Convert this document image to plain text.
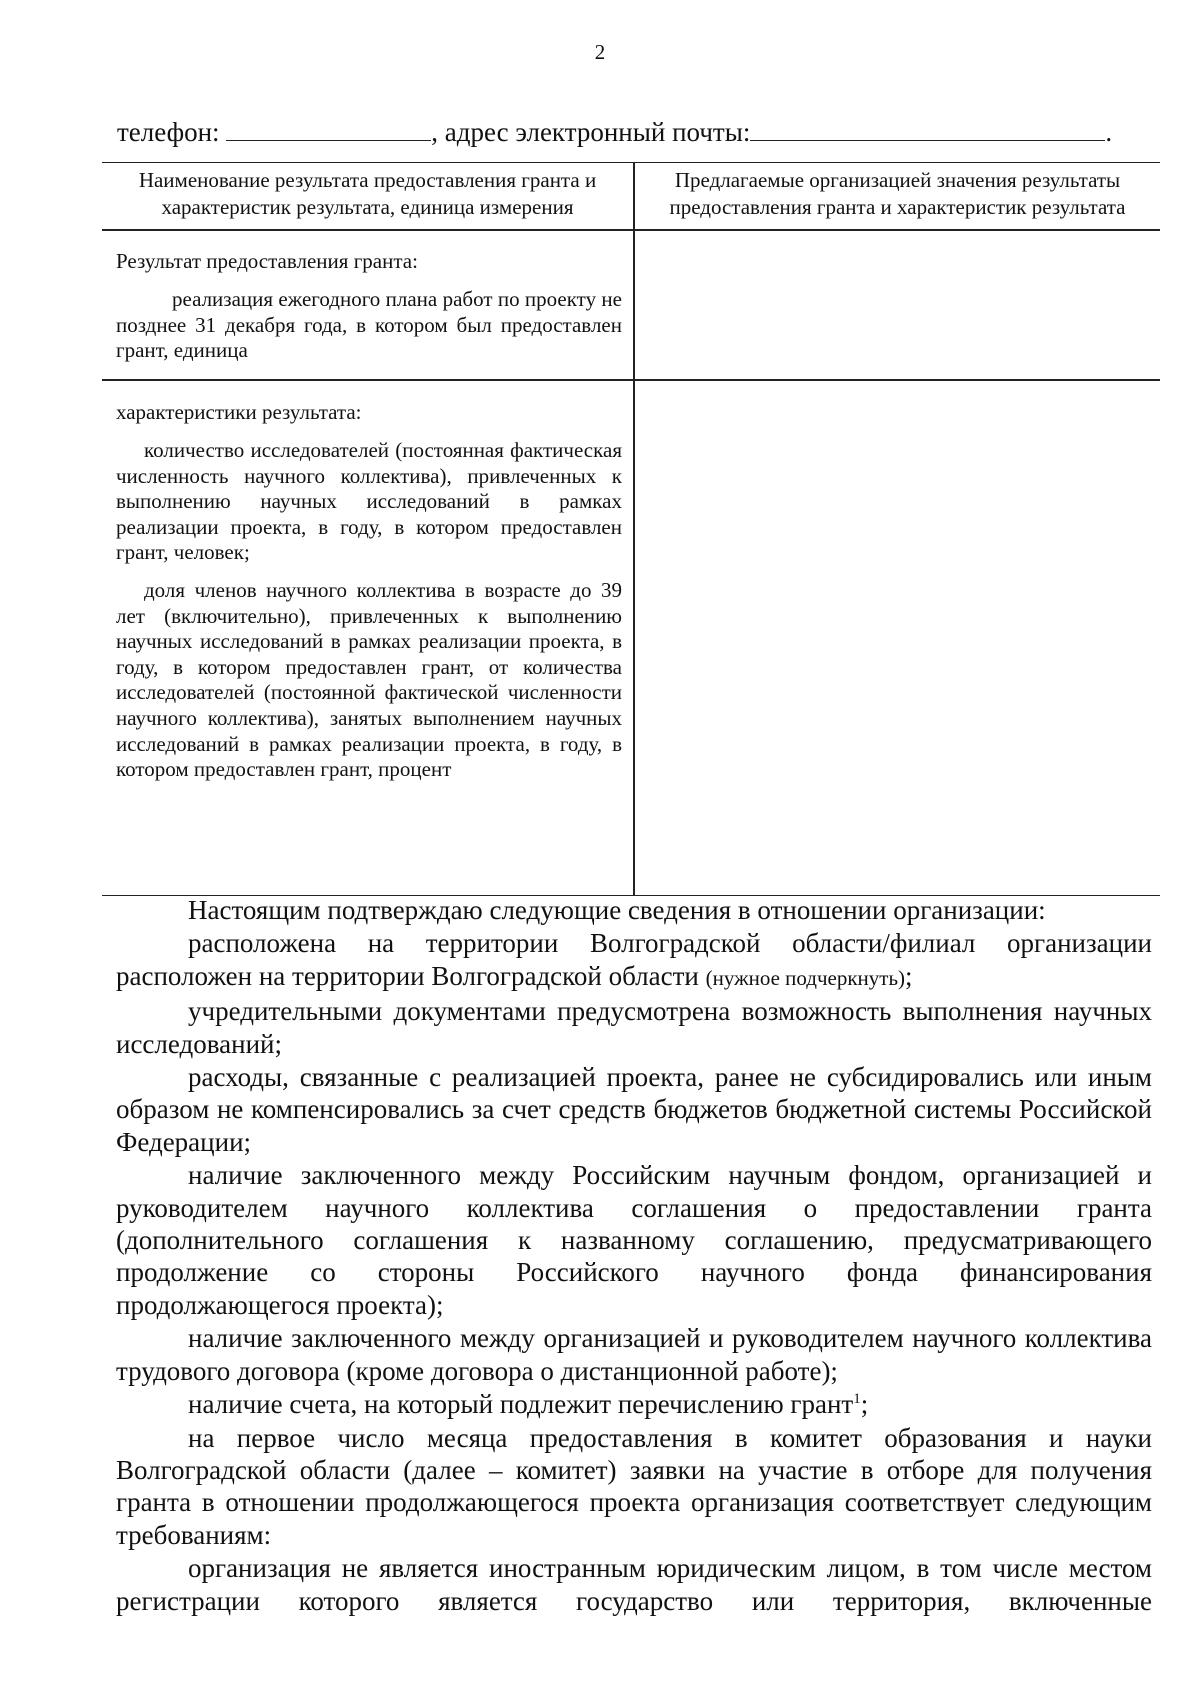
2
телефон:	, адрес электронный почты:	.
Наименование результата предоставления гранта и характеристик результата, единица измерения
Предлагаемые организацией значения результаты предоставления гранта и характеристик результата
Результат предоставления гранта:
реализация ежегодного плана работ по проекту не позднее 31 декабря года, в котором был предоставлен грант, единица
характеристики результата:
количество исследователей (постоянная фактическая численность научного коллектива), привлеченных к выполнению научных исследований в рамках реализации проекта, в году, в котором предоставлен грант, человек;
доля членов научного коллектива в возрасте до 39 лет (включительно), привлеченных к выполнению научных исследований в рамках реализации проекта, в году, в котором предоставлен грант, от количества исследователей (постоянной фактической численности научного коллектива), занятых выполнением научных исследований в рамках реализации проекта, в году, в котором предоставлен грант, процент

Настоящим подтверждаю следующие сведения в отношении организации:

расположена на территории Волгоградской области/филиал организации расположен на территории Волгоградской области (нужное подчеркнуть);

учредительными документами предусмотрена возможность выполнения научных исследований;

расходы, связанные с реализацией проекта, ранее не субсидировались или иным образом не компенсировались за счет средств бюджетов бюджетной системы Российской Федерации;

наличие заключенного между Российским научным фондом, организацией и руководителем научного коллектива соглашения о предоставлении гранта (дополнительного соглашения к названному соглашению, предусматривающего продолжение со стороны Российского научного фонда финансирования продолжающегося проекта);

наличие заключенного между организацией и руководителем научного коллектива трудового договора (кроме договора о дистанционной работе);

наличие счета, на который подлежит перечислению грант$^1$;

на первое число месяца предоставления в комитет образования и науки Волгоградской области (далее – комитет) заявки на участие в отборе для получения гранта в отношении продолжающегося проекта организация соответствует следующим требованиям:

организация не является иностранным юридическим лицом, в том числе местом регистрации которого является государство или территория, включенные
